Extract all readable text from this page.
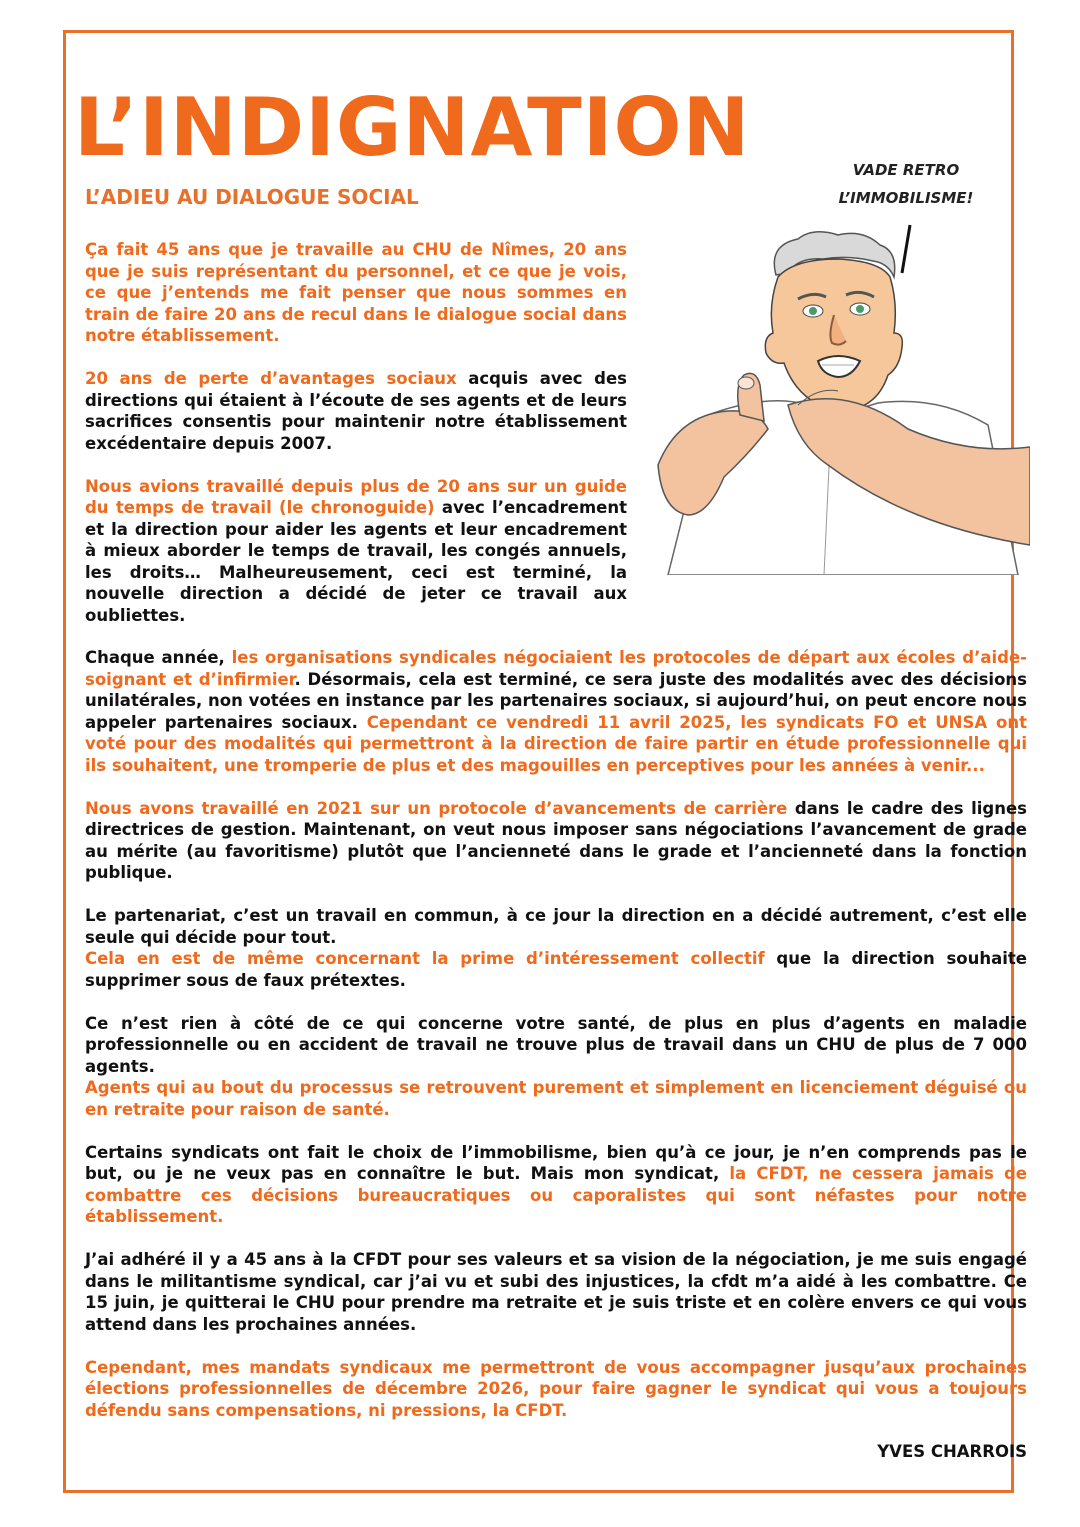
L’INDIGNATION
L’ADIEU AU DIALOGUE SOCIAL
VADE RETRO
L’IMMOBILISME!

Ça fait 45 ans que je travaille au CHU de Nîmes, 20 ans que je suis représentant du personnel, et ce que je vois, ce que j’entends me fait penser que nous sommes en train de faire 20 ans de recul dans le dialogue social dans notre établissement.

20 ans de perte d’avantages sociaux acquis avec des directions qui étaient à l’écoute de ses agents et de leurs sacrifices consentis pour maintenir notre établissement excédentaire depuis 2007.

Nous avions travaillé depuis plus de 20 ans sur un guide du temps de travail (le chronoguide) avec l’encadrement et la direction pour aider les agents et leur encadrement à mieux aborder le temps de travail, les congés annuels, les droits… Malheureusement, ceci est terminé, la nouvelle direction a décidé de jeter ce travail aux oubliettes.

Chaque année, les organisations syndicales négociaient les protocoles de départ aux écoles d’aide-soignant et d’infirmier. Désormais, cela est terminé, ce sera juste des modalités avec des décisions unilatérales, non votées en instance par les partenaires sociaux, si aujourd’hui, on peut encore nous appeler partenaires sociaux. Cependant ce vendredi 11 avril 2025, les syndicats FO et UNSA ont voté pour des modalités qui permettront à la direction de faire partir en étude professionnelle qui ils souhaitent, une tromperie de plus et des magouilles en perceptives pour les années à venir...

Nous avons travaillé en 2021 sur un protocole d’avancements de carrière dans le cadre des lignes directrices de gestion. Maintenant, on veut nous imposer sans négociations l’avancement de grade au mérite (au favoritisme) plutôt que l’ancienneté dans le grade et l’ancienneté dans la fonction publique.

Le partenariat, c’est un travail en commun, à ce jour la direction en a décidé autrement, c’est elle seule qui décide pour tout.
Cela en est de même concernant la prime d’intéressement collectif que la direction souhaite supprimer sous de faux prétextes.

Ce n’est rien à côté de ce qui concerne votre santé, de plus en plus d’agents en maladie professionnelle ou en accident de travail ne trouve plus de travail dans un CHU de plus de 7 000 agents.
Agents qui au bout du processus se retrouvent purement et simplement en licenciement déguisé ou en retraite pour raison de santé.

Certains syndicats ont fait le choix de l’immobilisme, bien qu’à ce jour, je n’en comprends pas le but, ou je ne veux pas en connaître le but. Mais mon syndicat, la CFDT, ne cessera jamais de combattre ces décisions bureaucratiques ou caporalistes qui sont néfastes pour notre établissement.

J’ai adhéré il y a 45 ans à la CFDT pour ses valeurs et sa vision de la négociation, je me suis engagé dans le militantisme syndical, car j’ai vu et subi des injustices, la cfdt m’a aidé à les combattre. Ce 15 juin, je quitterai le CHU pour prendre ma retraite et je suis triste et en colère envers ce qui vous attend dans les prochaines années.

Cependant, mes mandats syndicaux me permettront de vous accompagner jusqu’aux prochaines élections professionnelles de décembre 2026, pour faire gagner le syndicat qui vous a toujours défendu sans compensations, ni pressions, la CFDT.

YVES CHARROIS
